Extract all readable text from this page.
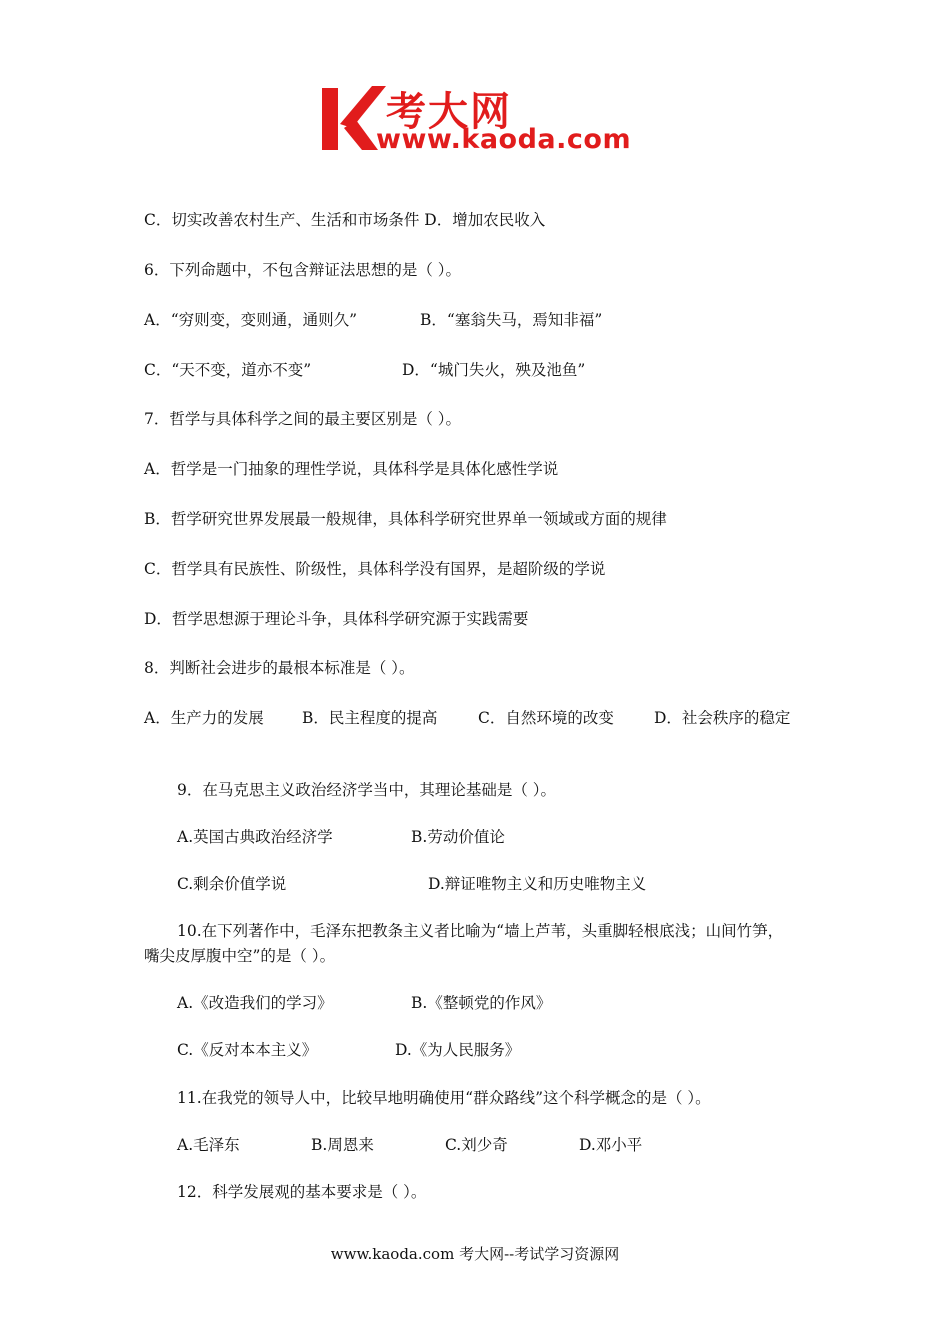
考大网
www.kaoda.com
C．切实改善农村生产、生活和市场条件 D．增加农民收入
6．下列命题中，不包含辩证法思想的是（ ）。
A．“穷则变，变则通，通则久”	B．“塞翁失马，焉知非福”
C．“天不变，道亦不变”	D．“城门失火，殃及池鱼”
7．哲学与具体科学之间的最主要区别是（ ）。
A．哲学是一门抽象的理性学说，具体科学是具体化感性学说
B．哲学研究世界发展最一般规律，具体科学研究世界单一领域或方面的规律
C．哲学具有民族性、阶级性，具体科学没有国界，是超阶级的学说
D．哲学思想源于理论斗争，具体科学研究源于实践需要
8．判断社会进步的最根本标准是（ ）。
A．生产力的发展 B．民主程度的提高	C．自然环境的改变	D．社会秩序的稳定
9．在马克思主义政治经济学当中，其理论基础是（ ）。
A.英国古典政治经济学	B.劳动价值论
C.剩余价值学说	D.辩证唯物主义和历史唯物主义
10.在下列著作中，毛泽东把教条主义者比喻为“墙上芦苇，头重脚轻根底浅；山间竹笋，
嘴尖皮厚腹中空”的是（ ）。
A.《改造我们的学习》	B.《整顿党的作风》
C.《反对本本主义》	D.《为人民服务》
11.在我党的领导人中，比较早地明确使用“群众路线”这个科学概念的是（ ）。
A.毛泽东	B.周恩来	C.刘少奇	D.邓小平
12．科学发展观的基本要求是（ ）。
www.kaoda.com 考大网--考试学习资源网
